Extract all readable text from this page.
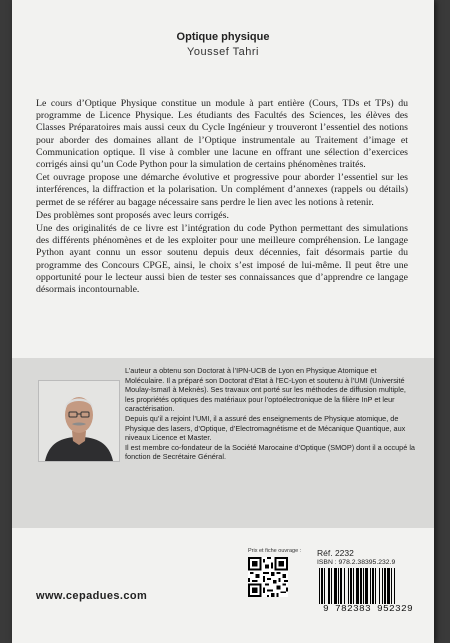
Optique physique
Youssef Tahri

Le cours d’Optique Physique constitue un module à part entière (Cours, TDs et TPs) du programme de Licence Physique. Les étudiants des Facultés des Sciences, les élèves des Classes Préparatoires mais aussi ceux du Cycle Ingénieur y trouveront l’essentiel des notions pour aborder des domaines allant de l’Optique instrumentale au Traitement d’image et Communication optique. Il vise à combler une lacune en offrant une sélection d’exercices corrigés ainsi qu’un Code Python pour la simulation de certains phénomènes traités.

Cet ouvrage propose une démarche évolutive et progressive pour aborder l’essentiel sur les interférences, la diffraction et la polarisation. Un complément d’annexes (rappels ou détails) permet de se référer au bagage nécessaire sans perdre le lien avec les notions à retenir.

Des problèmes sont proposés avec leurs corrigés.

Une des originalités de ce livre est l’intégration du code Python permettant des simulations des différents phénomènes et de les exploiter pour une meilleure compréhension. Le langage Python ayant connu un essor soutenu depuis deux décennies, fait désormais partie du programme des Concours CPGE, ainsi, le choix s’est imposé de lui-même. Il peut être une opportunité pour le lecteur aussi bien de tester ses connaissances que d’apprendre ce langage désormais incontournable.

L’auteur a obtenu son Doctorat à l’IPN-UCB de Lyon en Physique Atomique et Moléculaire. Il a préparé son Doctorat d’Etat à l’EC-Lyon et soutenu à l’UMI (Université Moulay-Ismaïl à Meknès). Ses travaux ont porté sur les méthodes de diffusion multiple, les propriétés optiques des matériaux pour l’optoélectronique de la filière InP et leur caractérisation.

Depuis qu’il a rejoint l’UMI, il a assuré des enseignements de Physique atomique, de Physique des lasers, d’Optique, d’Electromagnétisme et de Mécanique Quantique, aux niveaux Licence et Master.

Il est membre co-fondateur de la Société Marocaine d’Optique (SMOP) dont il a occupé la fonction de Secrétaire Général.

Prix et fiche ouvrage : Réf. 2232
ISBN : 978.2.38395.232.9
9 782383 952329
www.cepadues.com
